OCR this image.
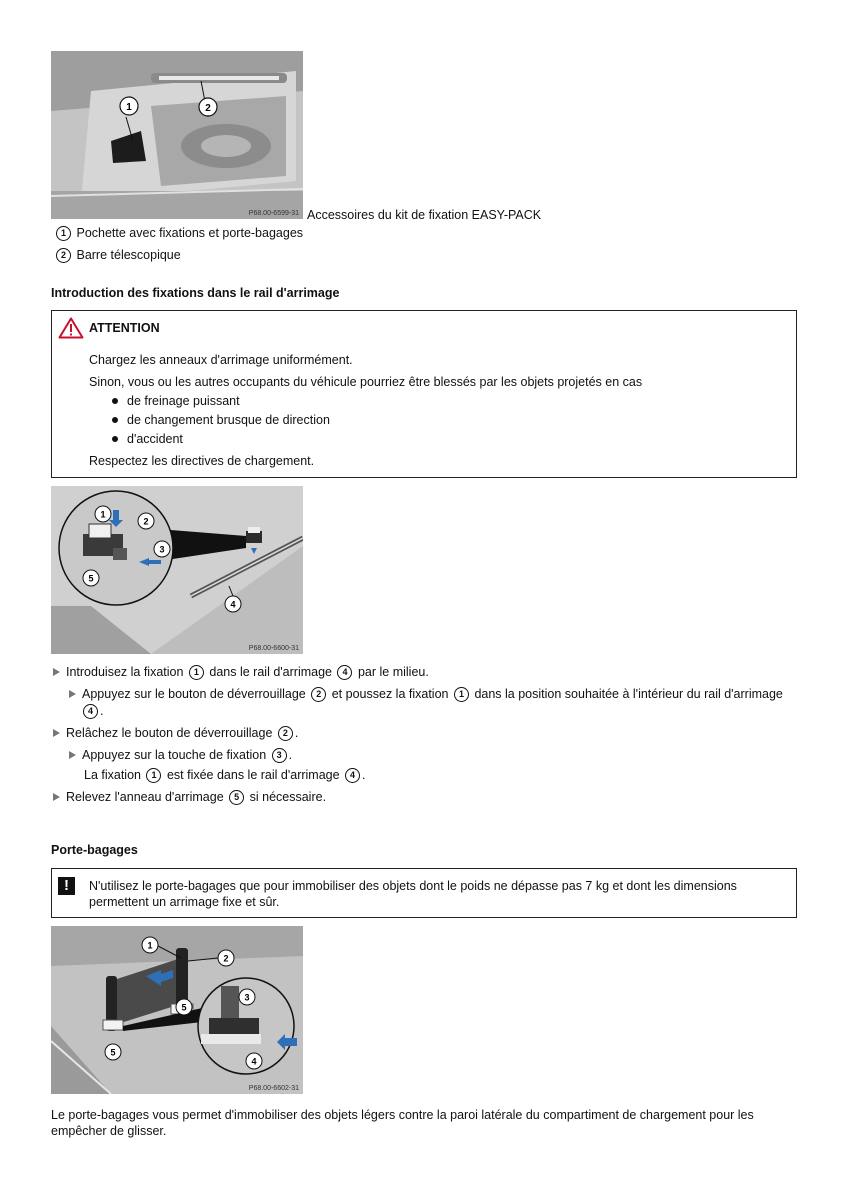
1	2
P68.00-6599-31 Accessoires du kit de fixation EASY-PACK
1 Pochette avec fixations et porte-bagages
2 Barre télescopique
Introduction des fixations dans le rail d'arrimage
ATTENTION
Chargez les anneaux d'arrimage uniformément.
Sinon, vous ou les autres occupants du véhicule pourriez être blessés par les objets projetés en cas
de freinage puissant
de changement brusque de direction
d'accident
Respectez les directives de chargement.
1
2
3
4
5
P68.00-6600-31
Introduisez la fixation 1 dans le rail d'arrimage 4 par le milieu.
Appuyez sur le bouton de déverrouillage 2 et poussez la fixation 1 dans la position souhaitée à l'intérieur du rail d'arrimage
4 .
Relâchez le bouton de déverrouillage 2 .
Appuyez sur la touche de fixation 3 .
La fixation 1 est fixée dans le rail d'arrimage 4 .
Relevez l'anneau d'arrimage 5 si nécessaire.
Porte-bagages
!	N'utilisez le porte-bagages que pour immobiliser des objets dont le poids ne dépasse pas 7 kg et dont les dimensions
permettent un arrimage fixe et sûr.
1
2
5
3
4
5
P68.00-6602-31
Le porte-bagages vous permet d'immobiliser des objets légers contre la paroi latérale du compartiment de chargement pour les
empêcher de glisser.
